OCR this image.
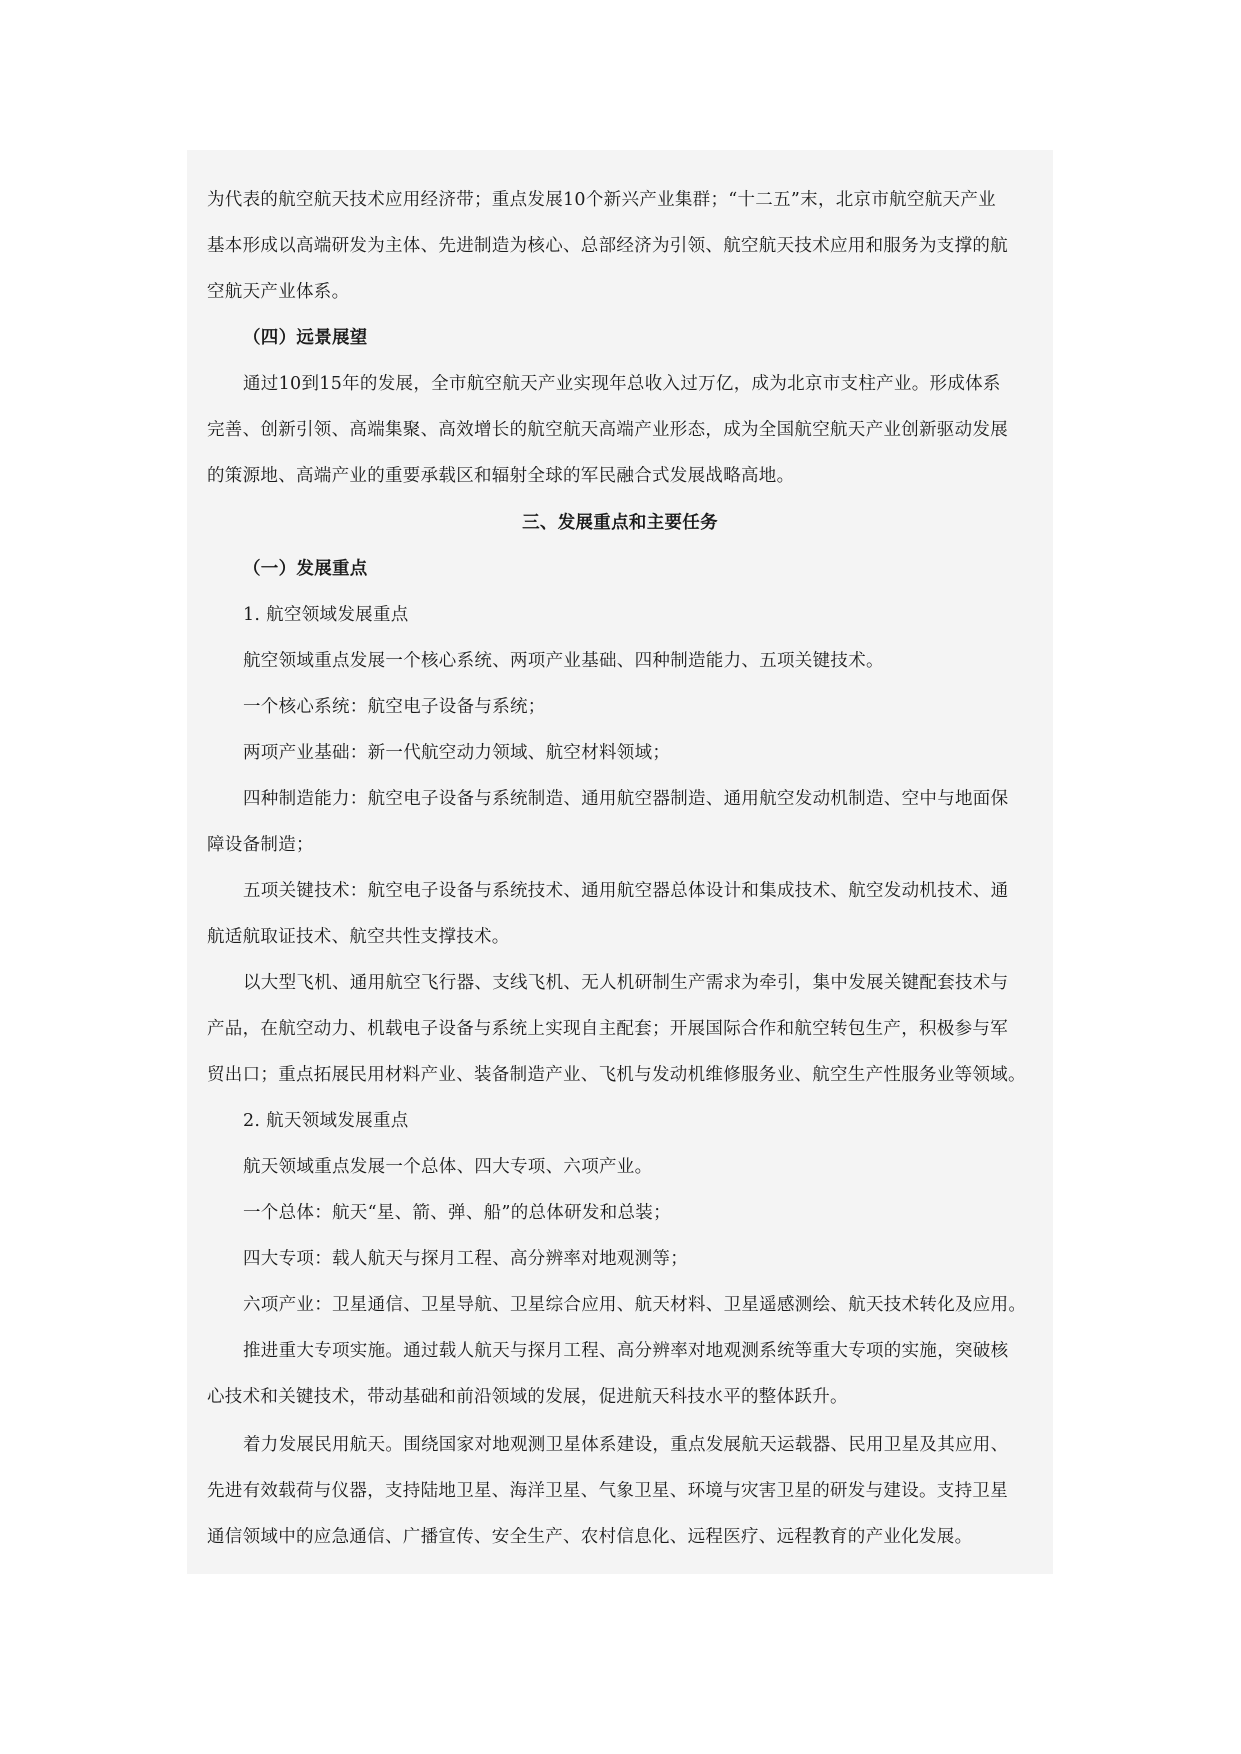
为代表的航空航天技术应用经济带；重点发展10个新兴产业集群；“十二五”末，北京市航空航天产业
基本形成以高端研发为主体、先进制造为核心、总部经济为引领、航空航天技术应用和服务为支撑的航
空航天产业体系。
（四）远景展望
通过10到15年的发展，全市航空航天产业实现年总收入过万亿，成为北京市支柱产业。形成体系
完善、创新引领、高端集聚、高效增长的航空航天高端产业形态，成为全国航空航天产业创新驱动发展
的策源地、高端产业的重要承载区和辐射全球的军民融合式发展战略高地。
三、发展重点和主要任务
（一）发展重点
1. 航空领域发展重点
航空领域重点发展一个核心系统、两项产业基础、四种制造能力、五项关键技术。
一个核心系统：航空电子设备与系统；
两项产业基础：新一代航空动力领域、航空材料领域；
四种制造能力：航空电子设备与系统制造、通用航空器制造、通用航空发动机制造、空中与地面保
障设备制造；
五项关键技术：航空电子设备与系统技术、通用航空器总体设计和集成技术、航空发动机技术、通
航适航取证技术、航空共性支撑技术。
以大型飞机、通用航空飞行器、支线飞机、无人机研制生产需求为牵引，集中发展关键配套技术与
产品，在航空动力、机载电子设备与系统上实现自主配套；开展国际合作和航空转包生产，积极参与军
贸出口；重点拓展民用材料产业、装备制造产业、飞机与发动机维修服务业、航空生产性服务业等领域。
2. 航天领域发展重点
航天领域重点发展一个总体、四大专项、六项产业。
一个总体：航天“星、箭、弹、船”的总体研发和总装；
四大专项：载人航天与探月工程、高分辨率对地观测等；
六项产业：卫星通信、卫星导航、卫星综合应用、航天材料、卫星遥感测绘、航天技术转化及应用。
推进重大专项实施。通过载人航天与探月工程、高分辨率对地观测系统等重大专项的实施，突破核
心技术和关键技术，带动基础和前沿领域的发展，促进航天科技水平的整体跃升。
着力发展民用航天。围绕国家对地观测卫星体系建设，重点发展航天运载器、民用卫星及其应用、
先进有效载荷与仪器，支持陆地卫星、海洋卫星、气象卫星、环境与灾害卫星的研发与建设。支持卫星
通信领域中的应急通信、广播宣传、安全生产、农村信息化、远程医疗、远程教育的产业化发展。
